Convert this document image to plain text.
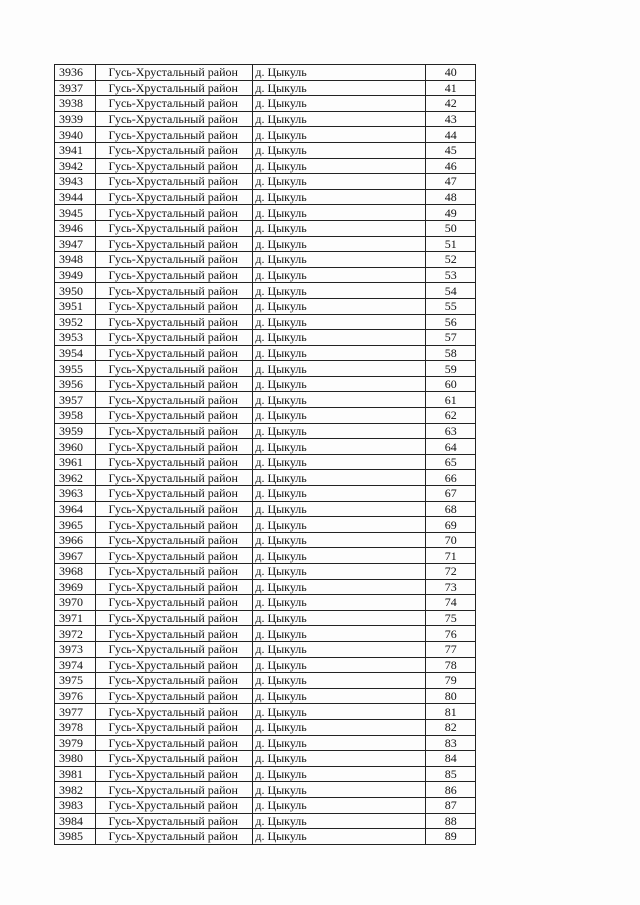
3936	Гусь-Хрустальный район	д. Цыкуль	40
3937	Гусь-Хрустальный район	д. Цыкуль	41
3938	Гусь-Хрустальный район	д. Цыкуль	42
3939	Гусь-Хрустальный район	д. Цыкуль	43
3940	Гусь-Хрустальный район	д. Цыкуль	44
3941	Гусь-Хрустальный район	д. Цыкуль	45
3942	Гусь-Хрустальный район	д. Цыкуль	46
3943	Гусь-Хрустальный район	д. Цыкуль	47
3944	Гусь-Хрустальный район	д. Цыкуль	48
3945	Гусь-Хрустальный район	д. Цыкуль	49
3946	Гусь-Хрустальный район	д. Цыкуль	50
3947	Гусь-Хрустальный район	д. Цыкуль	51
3948	Гусь-Хрустальный район	д. Цыкуль	52
3949	Гусь-Хрустальный район	д. Цыкуль	53
3950	Гусь-Хрустальный район	д. Цыкуль	54
3951	Гусь-Хрустальный район	д. Цыкуль	55
3952	Гусь-Хрустальный район	д. Цыкуль	56
3953	Гусь-Хрустальный район	д. Цыкуль	57
3954	Гусь-Хрустальный район	д. Цыкуль	58
3955	Гусь-Хрустальный район	д. Цыкуль	59
3956	Гусь-Хрустальный район	д. Цыкуль	60
3957	Гусь-Хрустальный район	д. Цыкуль	61
3958	Гусь-Хрустальный район	д. Цыкуль	62
3959	Гусь-Хрустальный район	д. Цыкуль	63
3960	Гусь-Хрустальный район	д. Цыкуль	64
3961	Гусь-Хрустальный район	д. Цыкуль	65
3962	Гусь-Хрустальный район	д. Цыкуль	66
3963	Гусь-Хрустальный район	д. Цыкуль	67
3964	Гусь-Хрустальный район	д. Цыкуль	68
3965	Гусь-Хрустальный район	д. Цыкуль	69
3966	Гусь-Хрустальный район	д. Цыкуль	70
3967	Гусь-Хрустальный район	д. Цыкуль	71
3968	Гусь-Хрустальный район	д. Цыкуль	72
3969	Гусь-Хрустальный район	д. Цыкуль	73
3970	Гусь-Хрустальный район	д. Цыкуль	74
3971	Гусь-Хрустальный район	д. Цыкуль	75
3972	Гусь-Хрустальный район	д. Цыкуль	76
3973	Гусь-Хрустальный район	д. Цыкуль	77
3974	Гусь-Хрустальный район	д. Цыкуль	78
3975	Гусь-Хрустальный район	д. Цыкуль	79
3976	Гусь-Хрустальный район	д. Цыкуль	80
3977	Гусь-Хрустальный район	д. Цыкуль	81
3978	Гусь-Хрустальный район	д. Цыкуль	82
3979	Гусь-Хрустальный район	д. Цыкуль	83
3980	Гусь-Хрустальный район	д. Цыкуль	84
3981	Гусь-Хрустальный район	д. Цыкуль	85
3982	Гусь-Хрустальный район	д. Цыкуль	86
3983	Гусь-Хрустальный район	д. Цыкуль	87
3984	Гусь-Хрустальный район	д. Цыкуль	88
3985	Гусь-Хрустальный район	д. Цыкуль	89
